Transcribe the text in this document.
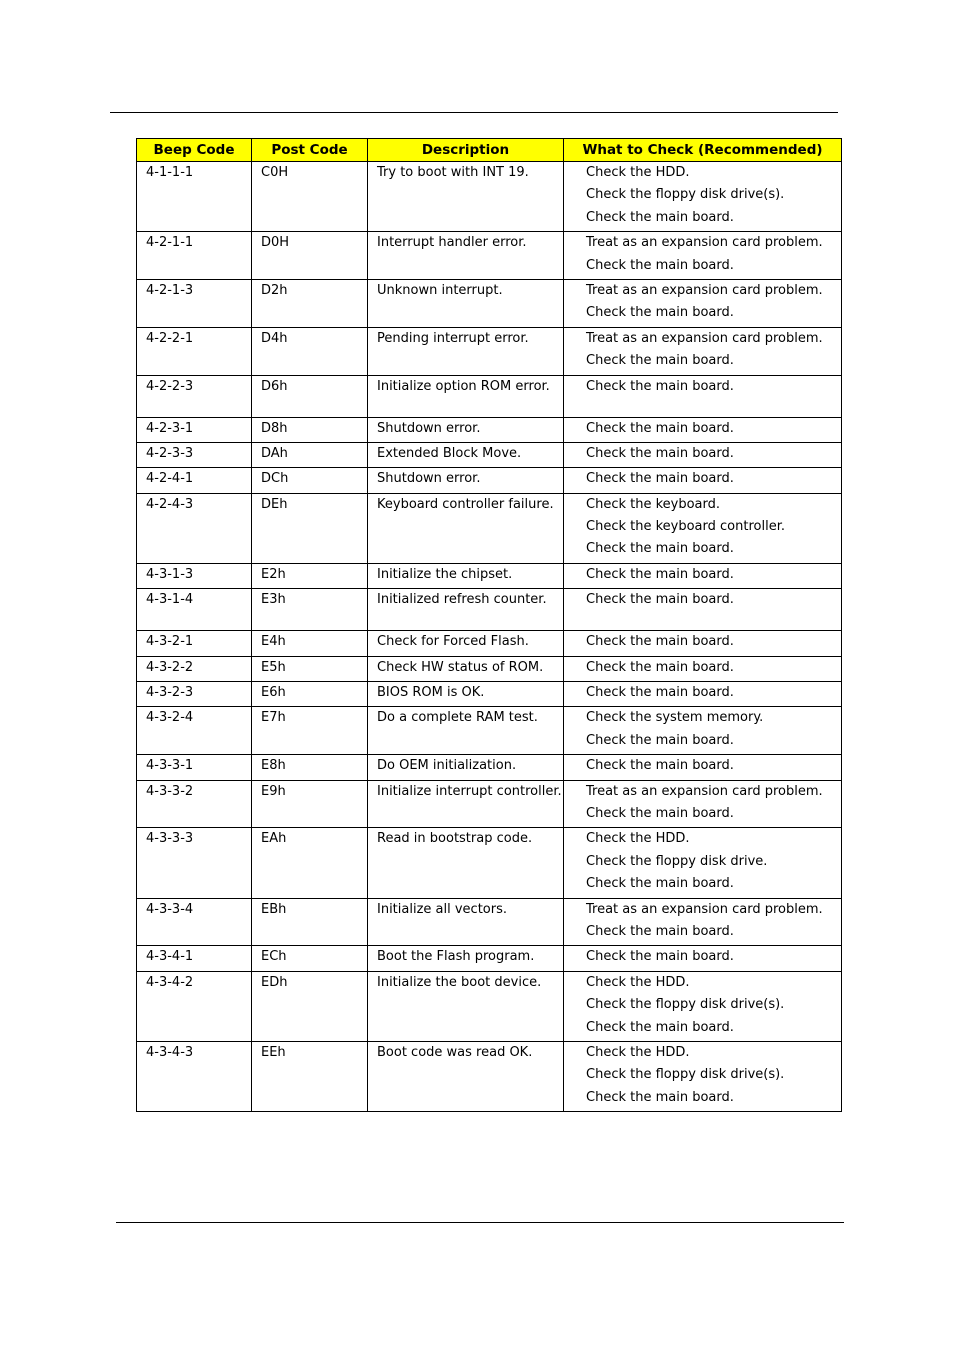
Beep Code	Post Code	Description	What to Check (Recommended)
4-1-1-1	C0H	Try to boot with INT 19.	Check the HDD.
Check the floppy disk drive(s).
Check the main board.

4-2-1-1	D0H	Interrupt handler error.	Treat as an expansion card problem.
Check the main board.

4-2-1-3	D2h	Unknown interrupt.	Treat as an expansion card problem.
Check the main board.

4-2-2-1	D4h	Pending interrupt error.	Treat as an expansion card problem.
Check the main board.

4-2-2-3	D6h	Initialize option ROM error.	Check the main board.

4-2-3-1	D8h	Shutdown error.	Check the main board.

4-2-3-3	DAh	Extended Block Move.	Check the main board.

4-2-4-1	DCh	Shutdown error.	Check the main board.

4-2-4-3	DEh	Keyboard controller failure.	Check the keyboard.
Check the keyboard controller.
Check the main board.

4-3-1-3	E2h	Initialize the chipset.	Check the main board.

4-3-1-4	E3h	Initialized refresh counter.	Check the main board.

4-3-2-1	E4h	Check for Forced Flash.	Check the main board.

4-3-2-2	E5h	Check HW status of ROM.	Check the main board.

4-3-2-3	E6h	BIOS ROM is OK.	Check the main board.

4-3-2-4	E7h	Do a complete RAM test.	Check the system memory.
Check the main board.

4-3-3-1	E8h	Do OEM initialization.	Check the main board.

4-3-3-2	E9h	Initialize interrupt controller.	Treat as an expansion card problem.
Check the main board.

4-3-3-3	EAh	Read in bootstrap code.	Check the HDD.
Check the floppy disk drive.
Check the main board.

4-3-3-4	EBh	Initialize all vectors.	Treat as an expansion card problem.
Check the main board.

4-3-4-1	ECh	Boot the Flash program.	Check the main board.

4-3-4-2	EDh	Initialize the boot device.	Check the HDD.
Check the floppy disk drive(s).
Check the main board.

4-3-4-3	EEh	Boot code was read OK.	Check the HDD.
Check the floppy disk drive(s).
Check the main board.
